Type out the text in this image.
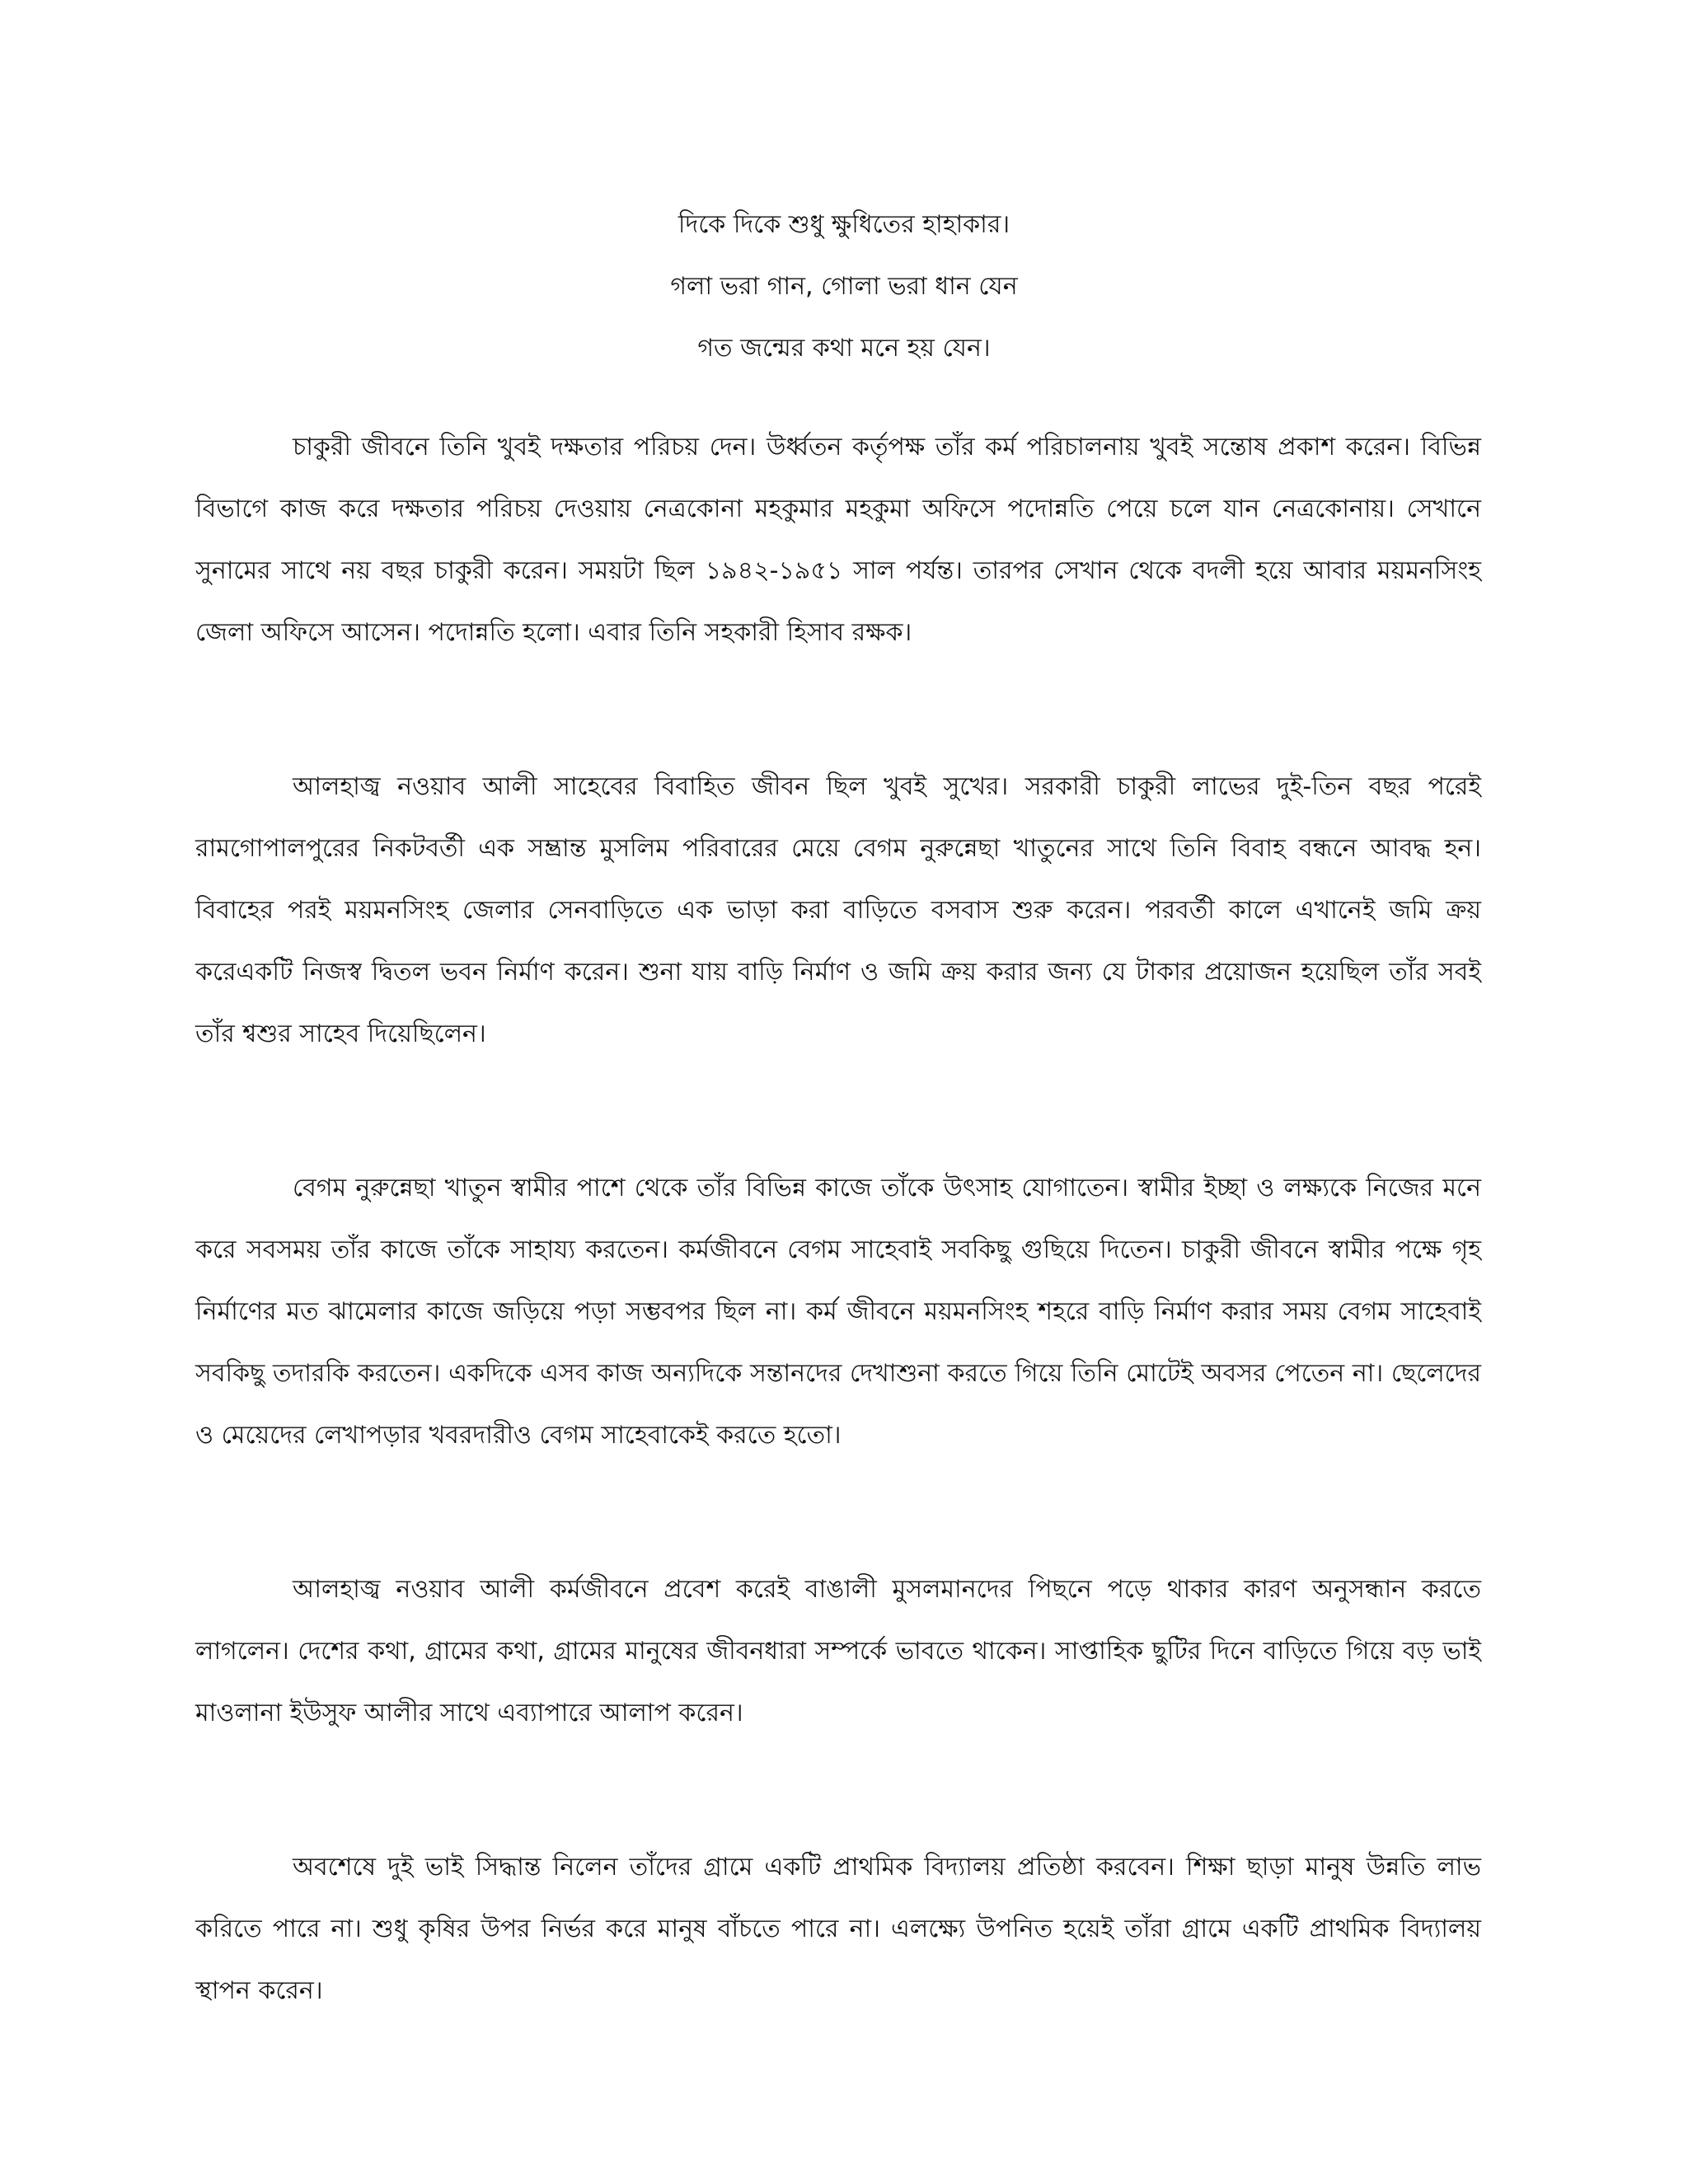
দিকে দিকে শুধু ক্ষুধিতের হাহাকার।
গলা ভরা গান, গোলা ভরা ধান যেন
গত জন্মের কথা মনে হয় যেন।

চাকুরী জীবনে তিনি খুবই দক্ষতার পরিচয় দেন। উর্ধ্বতন কর্তৃপক্ষ তাঁর কর্ম পরিচালনায় খুবই সন্তোষ প্রকাশ করেন। বিভিন্ন বিভাগে কাজ করে দক্ষতার পরিচয় দেওয়ায় নেত্রকোনা মহকুমার মহকুমা অফিসে পদোন্নতি পেয়ে চলে যান নেত্রকোনায়। সেখানে সুনামের সাথে নয় বছর চাকুরী করেন। সময়টা ছিল ১৯৪২-১৯৫১ সাল পর্যন্ত। তারপর সেখান থেকে বদলী হয়ে আবার ময়মনসিংহ জেলা অফিসে আসেন। পদোন্নতি হলো। এবার তিনি সহকারী হিসাব রক্ষক।

আলহাজ্ব নওয়াব আলী সাহেবের বিবাহিত জীবন ছিল খুবই সুখের। সরকারী চাকুরী লাভের দুই-তিন বছর পরেই রামগোপালপুরের নিকটবর্তী এক সম্ভ্রান্ত মুসলিম পরিবারের মেয়ে বেগম নুরুন্নেছা খাতুনের সাথে তিনি বিবাহ বন্ধনে আবদ্ধ হন। বিবাহের পরই ময়মনসিংহ জেলার সেনবাড়িতে এক ভাড়া করা বাড়িতে বসবাস শুরু করেন। পরবর্তী কালে এখানেই জমি ক্রয় করেএকটি নিজস্ব দ্বিতল ভবন নির্মাণ করেন। শুনা যায় বাড়ি নির্মাণ ও জমি ক্রয় করার জন্য যে টাকার প্রয়োজন হয়েছিল তাঁর সবই তাঁর শ্বশুর সাহেব দিয়েছিলেন।

বেগম নুরুন্নেছা খাতুন স্বামীর পাশে থেকে তাঁর বিভিন্ন কাজে তাঁকে উৎসাহ যোগাতেন। স্বামীর ইচ্ছা ও লক্ষ্যকে নিজের মনে করে সবসময় তাঁর কাজে তাঁকে সাহায্য করতেন। কর্মজীবনে বেগম সাহেবাই সবকিছু গুছিয়ে দিতেন। চাকুরী জীবনে স্বামীর পক্ষে গৃহ নির্মাণের মত ঝামেলার কাজে জড়িয়ে পড়া সম্ভবপর ছিল না। কর্ম জীবনে ময়মনসিংহ শহরে বাড়ি নির্মাণ করার সময় বেগম সাহেবাই সবকিছু তদারকি করতেন। একদিকে এসব কাজ অন্যদিকে সন্তানদের দেখাশুনা করতে গিয়ে তিনি মোটেই অবসর পেতেন না। ছেলেদের ও মেয়েদের লেখাপড়ার খবরদারীও বেগম সাহেবাকেই করতে হতো।

আলহাজ্ব নওয়াব আলী কর্মজীবনে প্রবেশ করেই বাঙালী মুসলমানদের পিছনে পড়ে থাকার কারণ অনুসন্ধান করতে লাগলেন। দেশের কথা, গ্রামের কথা, গ্রামের মানুষের জীবনধারা সম্পর্কে ভাবতে থাকেন। সাপ্তাহিক ছুটির দিনে বাড়িতে গিয়ে বড় ভাই মাওলানা ইউসুফ আলীর সাথে এব্যাপারে আলাপ করেন।

অবশেষে দুই ভাই সিদ্ধান্ত নিলেন তাঁদের গ্রামে একটি প্রাথমিক বিদ্যালয় প্রতিষ্ঠা করবেন। শিক্ষা ছাড়া মানুষ উন্নতি লাভ করিতে পারে না। শুধু কৃষির উপর নির্ভর করে মানুষ বাঁচতে পারে না। এলক্ষ্যে উপনিত হয়েই তাঁরা গ্রামে একটি প্রাথমিক বিদ্যালয় স্থাপন করেন।
